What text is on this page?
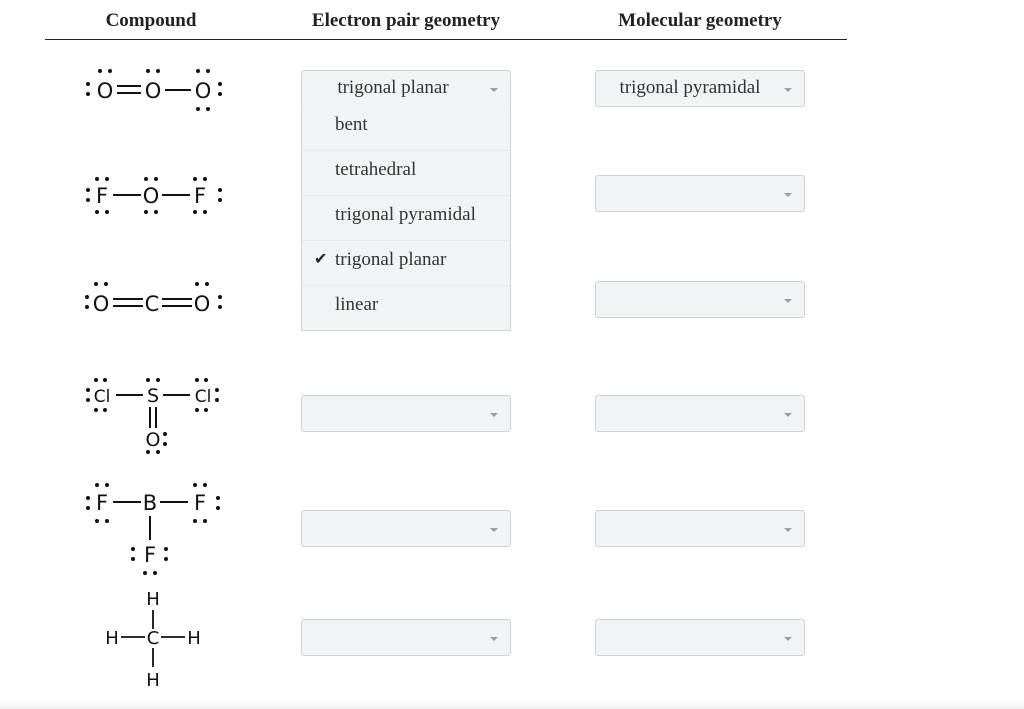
Compound	Electron pair geometry	Molecular geometry
O O O
F O F
O C O
Cl S Cl
O
F B F
F
H
H C H
H
trigonal planar
bent
tetrahedral
trigonal pyramidal
✔ trigonal planar
linear
trigonal pyramidal
